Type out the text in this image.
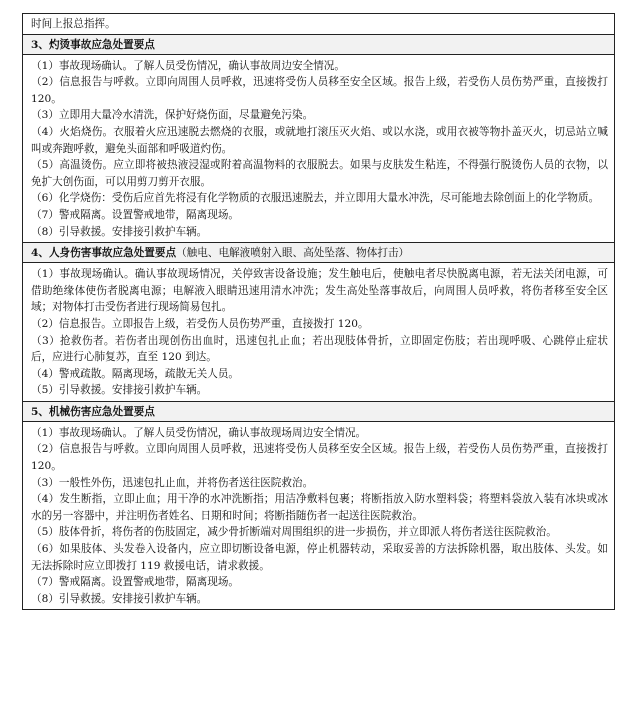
时间上报总指挥。
3、灼烫事故应急处置要点

（1）事故现场确认。了解人员受伤情况，确认事故周边安全情况。

（2）信息报告与呼救。立即向周围人员呼救，迅速将受伤人员移至安全区域。报告上级，若受伤人员伤势严重，直接拨打 120。

（3）立即用大量冷水清洗，保护好烧伤面，尽量避免污染。

（4）火焰烧伤。衣服着火应迅速脱去燃烧的衣服，或就地打滚压灭火焰、或以水浇，或用衣被等物扑盖灭火，切忌站立喊叫或奔跑呼救，避免头面部和呼吸道灼伤。

（5）高温烫伤。应立即将被热液浸湿或附着高温物料的衣服脱去。如果与皮肤发生粘连，不得强行脱烫伤人员的衣物，以免扩大创伤面，可以用剪刀剪开衣服。

（6）化学烧伤：受伤后应首先将浸有化学物质的衣服迅速脱去，并立即用大量水冲洗，尽可能地去除创面上的化学物质。

（7）警戒隔离。设置警戒地带，隔离现场。

（8）引导救援。安排接引救护车辆。

4、人身伤害事故应急处置要点（触电、电解液喷射入眼、高处坠落、物体打击）

（1）事故现场确认。确认事故现场情况，关停致害设备设施；发生触电后，使触电者尽快脱离电源，若无法关闭电源，可借助绝缘体使伤者脱离电源；电解液入眼睛迅速用清水冲洗；发生高处坠落事故后，向周围人员呼救，将伤者移至安全区域；对物体打击受伤者进行现场简易包扎。

（2）信息报告。立即报告上级，若受伤人员伤势严重，直接拨打 120。

（3）抢救伤者。若伤者出现创伤出血时，迅速包扎止血；若出现肢体骨折，立即固定伤肢；若出现呼吸、心跳停止症状后，应进行心肺复苏，直至 120 到达。

（4）警戒疏散。隔离现场，疏散无关人员。

（5）引导救援。安排接引救护车辆。

5、机械伤害应急处置要点

（1）事故现场确认。了解人员受伤情况，确认事故现场周边安全情况。

（2）信息报告与呼救。立即向周围人员呼救，迅速将受伤人员移至安全区域。报告上级，若受伤人员伤势严重，直接拨打 120。

（3）一般性外伤，迅速包扎止血，并将伤者送往医院救治。

（4）发生断指，立即止血；用干净的水冲洗断指；用洁净敷料包裹；将断指放入防水塑料袋；将塑料袋放入装有冰块或冰水的另一容器中，并注明伤者姓名、日期和时间；将断指随伤者一起送往医院救治。

（5）肢体骨折，将伤者的伤肢固定，减少骨折断端对周围组织的进一步损伤，并立即派人将伤者送往医院救治。

（6）如果肢体、头发卷入设备内，应立即切断设备电源，停止机器转动，采取妥善的方法拆除机器，取出肢体、头发。如无法拆除时应立即拨打 119 救援电话，请求救援。

（7）警戒隔离。设置警戒地带，隔离现场。

（8）引导救援。安排接引救护车辆。
